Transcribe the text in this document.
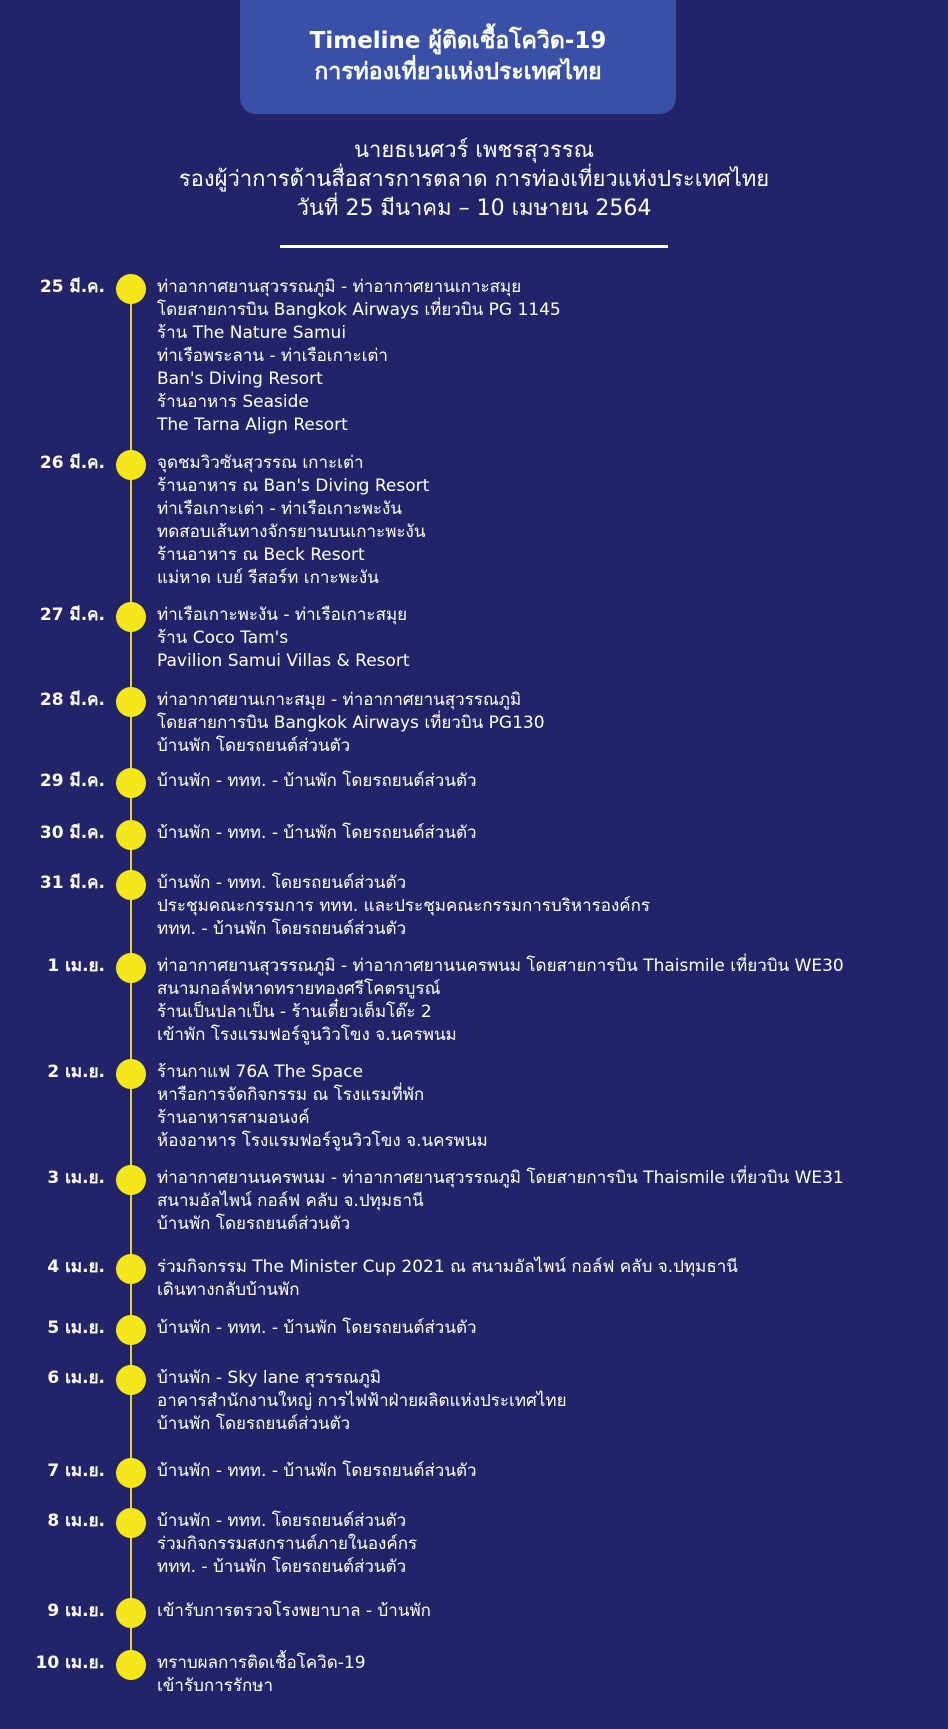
Timeline ผู้ติดเชื้อโควิด-19
การท่องเที่ยวแห่งประเทศไทย
นายธเนศวร์ เพชรสุวรรณ
รองผู้ว่าการด้านสื่อสารการตลาด การท่องเที่ยวแห่งประเทศไทย
วันที่ 25 มีนาคม – 10 เมษายน 2564
25 มี.ค.	ท่าอากาศยานสุวรรณภูมิ - ท่าอากาศยานเกาะสมุย
โดยสายการบิน Bangkok Airways เที่ยวบิน PG 1145
ร้าน The Nature Samui
ท่าเรือพระลาน - ท่าเรือเกาะเต่า
Ban's Diving Resort
ร้านอาหาร Seaside
The Tarna Align Resort
26 มี.ค.	จุดชมวิวซันสุวรรณ เกาะเต่า
ร้านอาหาร ณ Ban's Diving Resort
ท่าเรือเกาะเต่า - ท่าเรือเกาะพะงัน
ทดสอบเส้นทางจักรยานบนเกาะพะงัน
ร้านอาหาร ณ Beck Resort
แม่หาด เบย์ รีสอร์ท เกาะพะงัน
27 มี.ค.	ท่าเรือเกาะพะงัน - ท่าเรือเกาะสมุย
ร้าน Coco Tam's
Pavilion Samui Villas & Resort
28 มี.ค.	ท่าอากาศยานเกาะสมุย - ท่าอากาศยานสุวรรณภูมิ
โดยสายการบิน Bangkok Airways เที่ยวบิน PG130
บ้านพัก โดยรถยนต์ส่วนตัว
29 มี.ค.	บ้านพัก - ททท. - บ้านพัก โดยรถยนต์ส่วนตัว
30 มี.ค.	บ้านพัก - ททท. - บ้านพัก โดยรถยนต์ส่วนตัว
31 มี.ค.	บ้านพัก - ททท. โดยรถยนต์ส่วนตัว
ประชุมคณะกรรมการ ททท. และประชุมคณะกรรมการบริหารองค์กร
ททท. - บ้านพัก โดยรถยนต์ส่วนตัว
1 เม.ย.	ท่าอากาศยานสุวรรณภูมิ - ท่าอากาศยานนครพนม โดยสายการบิน Thaismile เที่ยวบิน WE30
สนามกอล์ฟหาดทรายทองศรีโคตรบูรณ์
ร้านเป็นปลาเป็น - ร้านเตี๋ยวเต็มโต๊ะ 2
เข้าพัก โรงแรมฟอร์จูนวิวโขง จ.นครพนม
2 เม.ย.	ร้านกาแฟ 76A The Space
หารือการจัดกิจกรรม ณ โรงแรมที่พัก
ร้านอาหารสามอนงค์
ห้องอาหาร โรงแรมฟอร์จูนวิวโขง จ.นครพนม
3 เม.ย.	ท่าอากาศยานนครพนม - ท่าอากาศยานสุวรรณภูมิ โดยสายการบิน Thaismile เที่ยวบิน WE31
สนามอัลไพน์ กอล์ฟ คลับ จ.ปทุมธานี
บ้านพัก โดยรถยนต์ส่วนตัว
4 เม.ย.	ร่วมกิจกรรม The Minister Cup 2021 ณ สนามอัลไพน์ กอล์ฟ คลับ จ.ปทุมธานี
เดินทางกลับบ้านพัก
5 เม.ย.	บ้านพัก - ททท. - บ้านพัก โดยรถยนต์ส่วนตัว
6 เม.ย.	บ้านพัก - Sky lane สุวรรณภูมิ
อาคารสำนักงานใหญ่ การไฟฟ้าฝ่ายผลิตแห่งประเทศไทย
บ้านพัก โดยรถยนต์ส่วนตัว
7 เม.ย.	บ้านพัก - ททท. - บ้านพัก โดยรถยนต์ส่วนตัว
8 เม.ย.	บ้านพัก - ททท. โดยรถยนต์ส่วนตัว
ร่วมกิจกรรมสงกรานต์ภายในองค์กร
ททท. - บ้านพัก โดยรถยนต์ส่วนตัว
9 เม.ย.	เข้ารับการตรวจโรงพยาบาล - บ้านพัก
10 เม.ย.	ทราบผลการติดเชื้อโควิด-19
เข้ารับการรักษา
